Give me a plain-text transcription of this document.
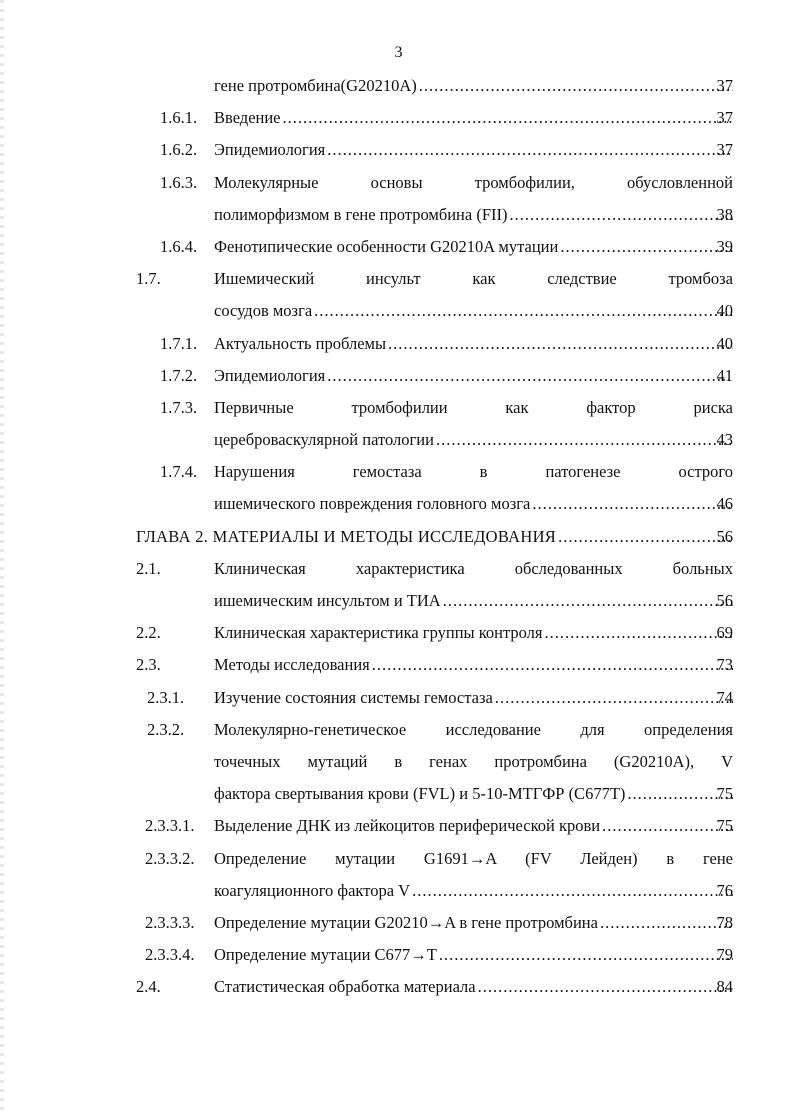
3
гене протромбина(G20210A) .....	37
1.6.1. Введение .....	37
1.6.2. Эпидемиология .....	37
1.6.3. Молекулярные основы тромбофилии, обусловленной
полиморфизмом в гене протромбина (FII) .....	38
1.6.4. Фенотипические особенности G20210A мутации .....	39
1.7.	Ишемический инсульт как следствие тромбоза
сосудов мозга .....	40
1.7.1. Актуальность проблемы .....	40
1.7.2. Эпидемиология .....	41
1.7.3. Первичные тромбофилии как фактор риска
цереброваскулярной патологии .....	43
1.7.4. Нарушения гемостаза в патогенезе острого
ишемического повреждения головного мозга .....	46
ГЛАВА 2. МАТЕРИАЛЫ И МЕТОДЫ ИССЛЕДОВАНИЯ .....	56
2.1.	Клиническая характеристика обследованных больных
ишемическим инсультом и ТИА .....	56
2.2.	Клиническая характеристика группы контроля .....	69
2.3.	Методы исследования .....	73
2.3.1. Изучение состояния системы гемостаза .....	74
2.3.2. Молекулярно-генетическое исследование для определения
точечных мутаций в генах протромбина (G20210A), V
фактора свертывания крови (FVL) и 5-10-МТГФР (С677Т) .....	75
2.3.3.1. Выделение ДНК из лейкоцитов периферической крови .....	75
2.3.3.2. Определение мутации G1691→A (FV Лейден) в гене
коагуляционного фактора V .....	76
2.3.3.3. Определение мутации G20210→A в гене протромбина .....	78
2.3.3.4. Определение мутации С677→Т .....	79
2.4.	Статистическая обработка материала .....	84
